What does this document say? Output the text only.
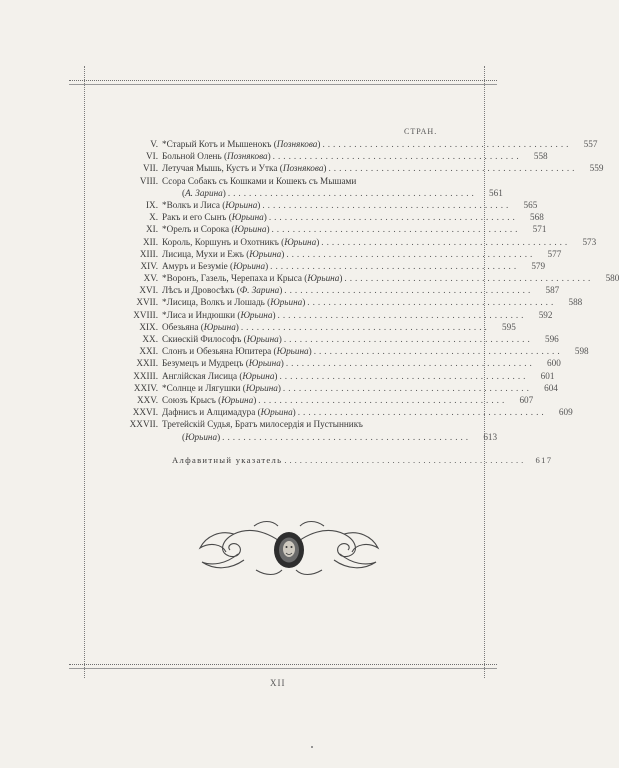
СТРАН.
V. *Старый Котъ и Мышенокъ (Познякова) ...............................................	557
VI. Больной Олень (Познякова) ...............................................	558
VII. Летучая Мышь, Кустъ и Утка (Познякова) ...............................................	559
VIII. Ссора Собакъ съ Кошками и Кошекъ съ Мышами
(А. Зарина) ...............................................	561
IX. *Волкъ и Лиса (Юрьина) ...............................................	565
X. Ракъ и его Сынъ (Юрьина) ...............................................	568
XI. *Орелъ и Сорока (Юрьина) ...............................................	571
XII. Король, Коршунъ и Охотникъ (Юрьина) ...............................................	573
XIII. Лисица, Мухи и Ежъ (Юрьина) ...............................................	577
XIV. Амуръ и Безуміе (Юрьина) ...............................................	579
XV. *Воронъ, Газель, Черепаха и Крыса (Юрьина) ...............................................	580
XVI. Лѣсъ и Дровосѣкъ (Ф. Зарина) ...............................................	587
XVII. *Лисица, Волкъ и Лошадь (Юрьина) ...............................................	588
XVIII. *Лиса и Индюшки (Юрьина) ...............................................	592
XIX. Обезьяна (Юрьина) ...............................................	595
XX. Скиѳскій Философъ (Юрьина) ...............................................	596
XXI. Слонъ и Обезьяна Юпитера (Юрьина) ...............................................	598
XXII. Безумецъ и Мудрецъ (Юрьина) ...............................................	600
XXIII. Англійская Лисица (Юрьина) ...............................................	601
XXIV. *Солнце и Лягушки (Юрьина) ...............................................	604
XXV. Союзъ Крысъ (Юрьина) ...............................................	607
XXVI. Дафнисъ и Алцимадура (Юрьина) ...............................................	609
XXVII. Третейскій Судья, Братъ милосердія и Пустынникъ
(Юрьина) ...............................................	613
Алфавитный указатель ...............................................	617
XII
